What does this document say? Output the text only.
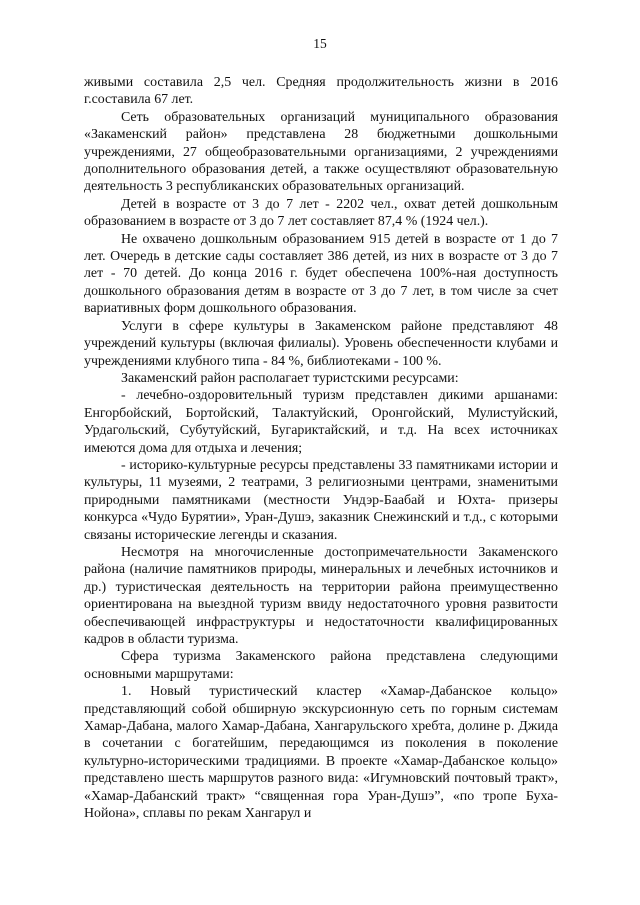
15

живыми составила 2,5 чел. Средняя продолжительность жизни в 2016 г.составила 67 лет.

Сеть образовательных организаций муниципального образования «Закаменский район» представлена 28 бюджетными дошкольными учреждениями, 27 общеобразовательными организациями, 2 учреждениями дополнительного образования детей, а также осуществляют образовательную деятельность 3 республиканских образовательных организаций.

Детей в возрасте от 3 до 7 лет - 2202 чел., охват детей дошкольным образованием в возрасте от 3 до 7 лет составляет 87,4 % (1924 чел.).

Не охвачено дошкольным образованием 915 детей в возрасте от 1 до 7 лет. Очередь в детские сады составляет 386 детей, из них в возрасте от 3 до 7 лет - 70 детей. До конца 2016 г. будет обеспечена 100%-ная доступность дошкольного образования детям в возрасте от 3 до 7 лет, в том числе за счет вариативных форм дошкольного образования.

Услуги в сфере культуры в Закаменском районе представляют 48 учреждений культуры (включая филиалы). Уровень обеспеченности клубами и учреждениями клубного типа - 84 %, библиотеками - 100 %.

Закаменский район располагает туристскими ресурсами:

- лечебно-оздоровительный туризм представлен дикими аршанами: Енгорбойский, Бортойский, Талактуйский, Оронгойский, Мулистуйский, Урдагольский, Субутуйский, Бугариктайский, и т.д. На всех источниках имеются дома для отдыха и лечения;

- историко-культурные ресурсы представлены 33 памятниками истории и культуры, 11 музеями, 2 театрами, 3 религиозными центрами, знаменитыми природными памятниками (местности Ундэр-Баабай и Юхта- призеры конкурса «Чудо Бурятии», Уран-Душэ, заказник Снежинский и т.д., с которыми связаны исторические легенды и сказания.

Несмотря на многочисленные достопримечательности Закаменского района (наличие памятников природы, минеральных и лечебных источников и др.) туристическая деятельность на территории района преимущественно ориентирована на выездной туризм ввиду недостаточного уровня развитости обеспечивающей инфраструктуры и недостаточности квалифицированных кадров в области туризма.

Сфера туризма Закаменского района представлена следующими основными маршрутами:

1. Новый туристический кластер «Хамар-Дабанское кольцо» представляющий собой обширную экскурсионную сеть по горным системам Хамар-Дабана, малого Хамар-Дабана, Хангарульского хребта, долине р. Джида в сочетании с богатейшим, передающимся из поколения в поколение культурно-историческими традициями. В проекте «Хамар-Дабанское кольцо» представлено шесть маршрутов разного вида: «Игумновский почтовый тракт», «Хамар-Дабанский тракт» “священная гора Уран-Душэ”, «по тропе Буха-Нойона», сплавы по рекам Хангарул и
